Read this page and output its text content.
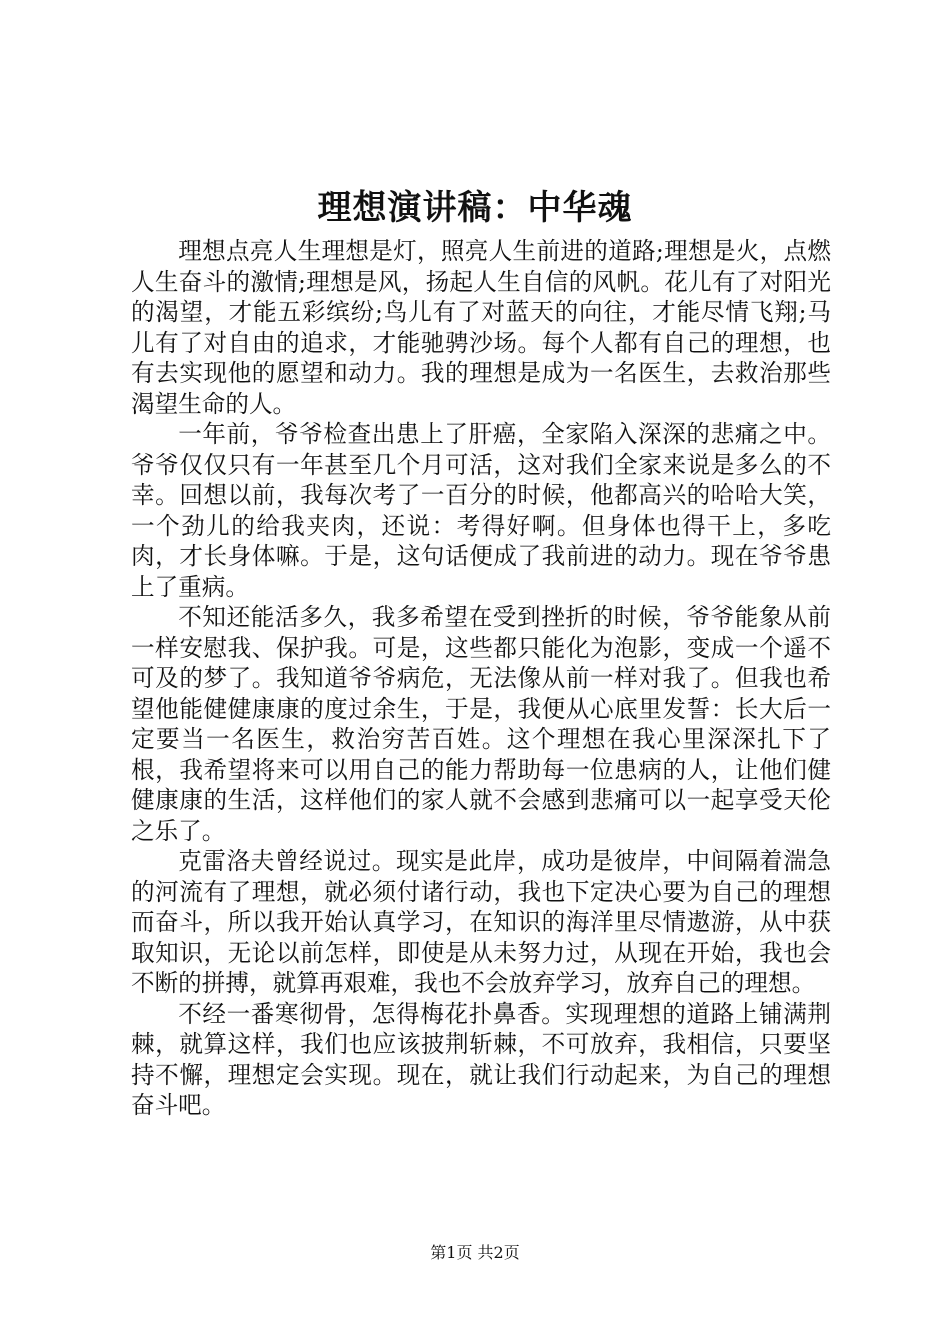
理想演讲稿：中华魂

理想点亮人生理想是灯，照亮人生前进的道路;理想是火，点燃人生奋斗的激情;理想是风，扬起人生自信的风帆。花儿有了对阳光的渴望，才能五彩缤纷;鸟儿有了对蓝天的向往，才能尽情飞翔;马儿有了对自由的追求，才能驰骋沙场。每个人都有自己的理想，也有去实现他的愿望和动力。我的理想是成为一名医生，去救治那些渴望生命的人。

一年前，爷爷检查出患上了肝癌，全家陷入深深的悲痛之中。爷爷仅仅只有一年甚至几个月可活，这对我们全家来说是多么的不幸。回想以前，我每次考了一百分的时候，他都高兴的哈哈大笑，一个劲儿的给我夹肉，还说：考得好啊。但身体也得干上，多吃肉，才长身体嘛。于是，这句话便成了我前进的动力。现在爷爷患上了重病。

不知还能活多久，我多希望在受到挫折的时候，爷爷能象从前一样安慰我、保护我。可是，这些都只能化为泡影，变成一个遥不可及的梦了。我知道爷爷病危，无法像从前一样对我了。但我也希望他能健健康康的度过余生，于是，我便从心底里发誓：长大后一定要当一名医生，救治穷苦百姓。这个理想在我心里深深扎下了根，我希望将来可以用自己的能力帮助每一位患病的人，让他们健健康康的生活，这样他们的家人就不会感到悲痛可以一起享受天伦之乐了。

克雷洛夫曾经说过。现实是此岸，成功是彼岸，中间隔着湍急的河流有了理想，就必须付诸行动，我也下定决心要为自己的理想而奋斗，所以我开始认真学习，在知识的海洋里尽情遨游，从中获取知识，无论以前怎样，即使是从未努力过，从现在开始，我也会不断的拼搏，就算再艰难，我也不会放弃学习，放弃自己的理想。

不经一番寒彻骨，怎得梅花扑鼻香。实现理想的道路上铺满荆棘，就算这样，我们也应该披荆斩棘，不可放弃，我相信，只要坚持不懈，理想定会实现。现在，就让我们行动起来，为自己的理想奋斗吧。

第1页 共2页
